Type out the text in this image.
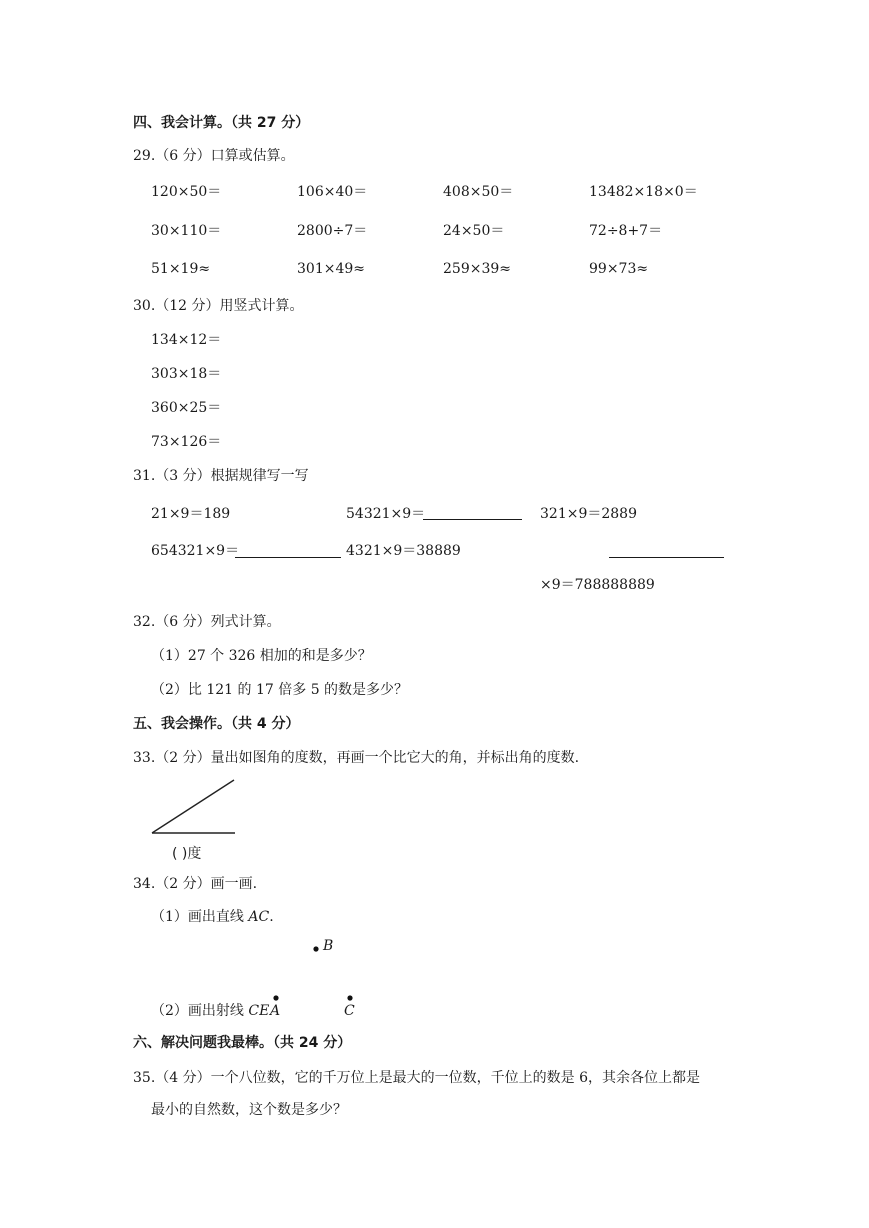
四、我会计算。（共 27 分）
29.（6 分）口算或估算。
120×50＝	106×40＝	408×50＝	13482×18×0＝
30×110＝	2800÷7＝	24×50＝	72÷8+7＝
51×19≈	301×49≈	259×39≈	99×73≈
30.（12 分）用竖式计算。
134×12＝
303×18＝
360×25＝
73×126＝
31.（3 分）根据规律写一写
21×9＝189	54321×9＝	321×9＝2889
654321×9＝	4321×9＝38889
×9＝788888889
32.（6 分）列式计算。
（1）27 个 326 相加的和是多少？
（2）比 121 的 17 倍多 5 的数是多少？
五、我会操作。（共 4 分）
33.（2 分）量出如图角的度数，再画一个比它大的角，并标出角的度数.
( )度
34.（2 分）画一画.
（1）画出直线 AC.
B
（2）画出射线 CE A	C
六、解决问题我最棒。（共 24 分）
35.（4 分）一个八位数，它的千万位上是最大的一位数，千位上的数是 6，其余各位上都是
最小的自然数，这个数是多少？
